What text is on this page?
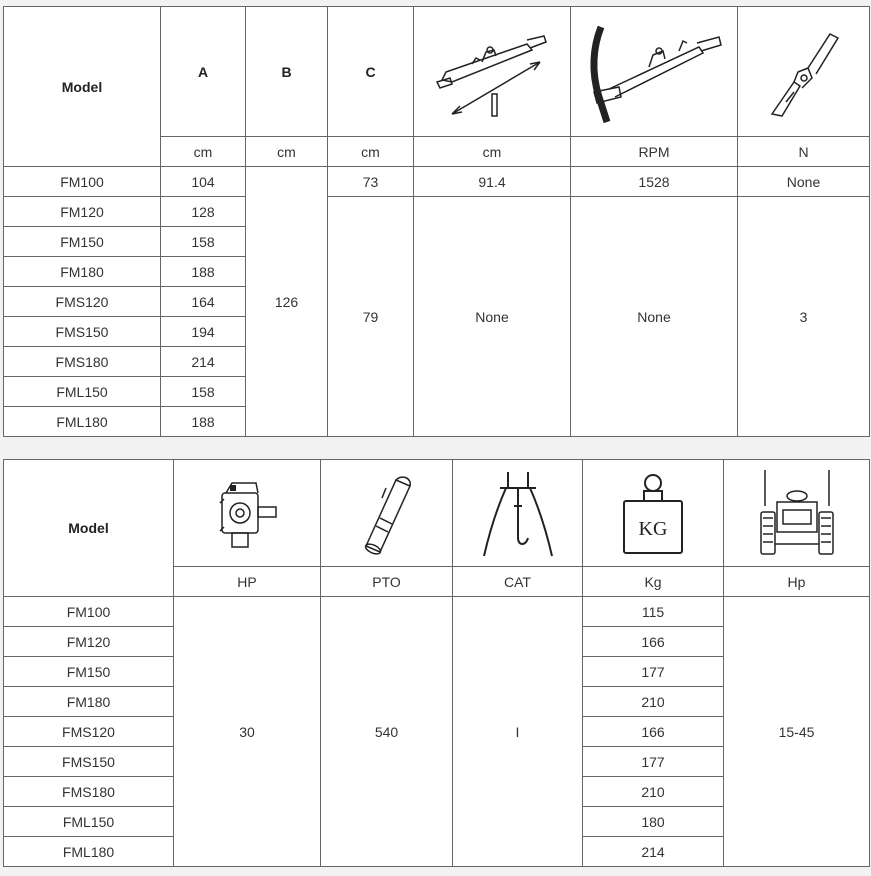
Model	A	B	C	

	cm	cm	cm	cm	RPM	N
FM100	104	126	73	91.4	1528	None
FM120	128		79	None	None	3
FM150	158					
FM180	188					
FMS120	164					
FMS150	194					
FMS180	214					
FML150	158					
FML180	188					
Model				KG

	HP	PTO	CAT	Kg	Hp
FM100	30	540	I	115	15-45
FM120				166	
FM150				177	
FM180				210	
FMS120				166	
FMS150				177	
FMS180				210	
FML150				180	
FML180				214	
